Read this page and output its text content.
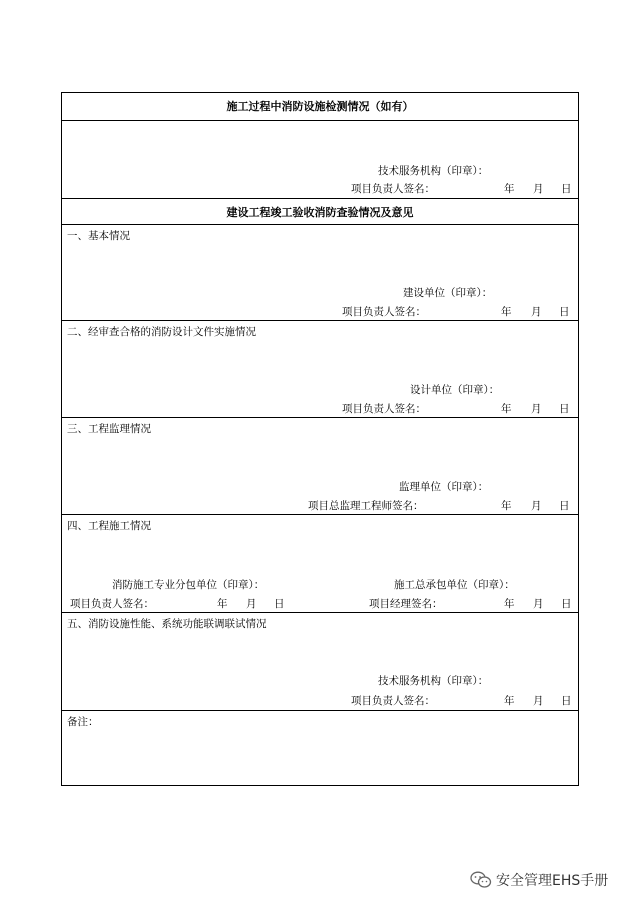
施工过程中消防设施检测情况（如有）
技术服务机构（印章）：
项目负责人签名：	年 月 日
建设工程竣工验收消防查验情况及意见
一、基本情况
建设单位（印章）：
项目负责人签名：	年 月 日
二、经审查合格的消防设计文件实施情况
设计单位（印章）：
项目负责人签名：	年 月 日
三、工程监理情况
监理单位（印章）：
项目总监理工程师签名：	年 月 日
四、工程施工情况
消防施工专业分包单位（印章）：
项目负责人签名：	年 月 日
施工总承包单位（印章）：
项目经理签名：	年 月 日
五、消防设施性能、系统功能联调联试情况
技术服务机构（印章）：
项目负责人签名：	年 月 日
备注：
安全管理EHS手册
